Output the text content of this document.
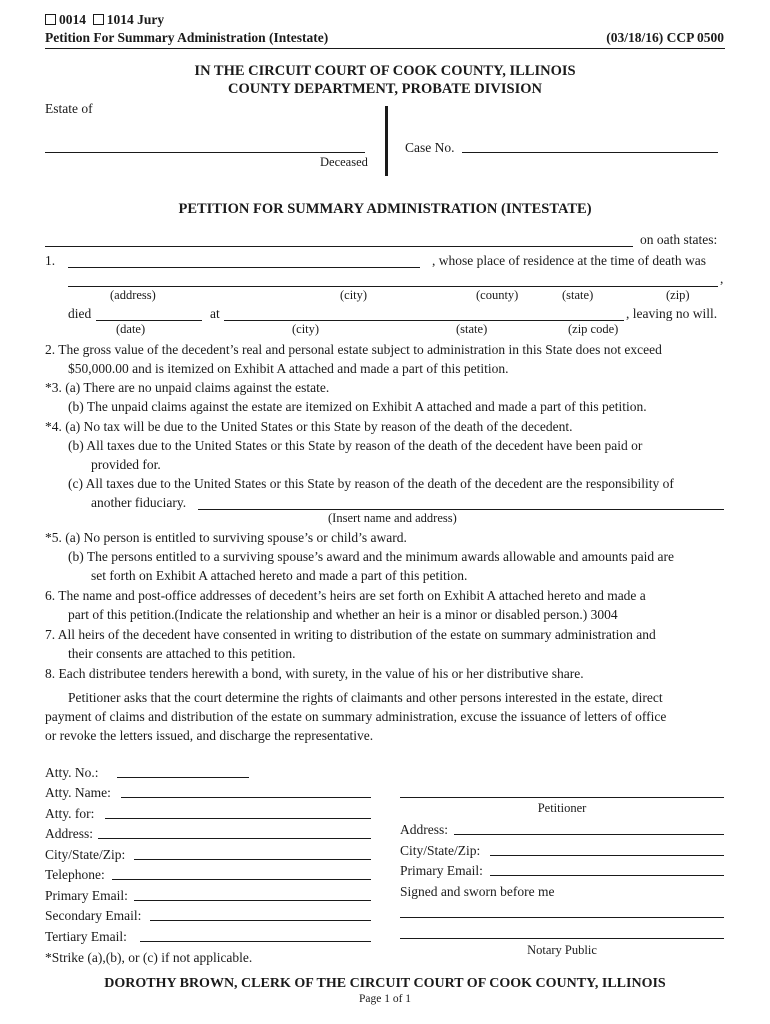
0014 1014 Jury
Petition For Summary Administration (Intestate)	(03/18/16) CCP 0500
IN THE CIRCUIT COURT OF COOK COUNTY, ILLINOIS
COUNTY DEPARTMENT, PROBATE DIVISION
Estate of
Deceased
Case No.
PETITION FOR SUMMARY ADMINISTRATION (INTESTATE)
on oath states:
1.	, whose place of residence at the time of death was
,
(address)	(city)	(county)	(state)	(zip)
died	at	, leaving no will.
(date)	(city)	(state)	(zip code)
2. The gross value of the decedent’s real and personal estate subject to administration in this State does not exceed
$50,000.00 and is itemized on Exhibit A attached and made a part of this petition.
*3. (a) There are no unpaid claims against the estate.
(b) The unpaid claims against the estate are itemized on Exhibit A attached and made a part of this petition.
*4. (a) No tax will be due to the United States or this State by reason of the death of the decedent.
(b) All taxes due to the United States or this State by reason of the death of the decedent have been paid or
provided for.
(c) All taxes due to the United States or this State by reason of the death of the decedent are the responsibility of
another fiduciary.
(Insert name and address)
*5. (a) No person is entitled to surviving spouse’s or child’s award.
(b) The persons entitled to a surviving spouse’s award and the minimum awards allowable and amounts paid are
set forth on Exhibit A attached hereto and made a part of this petition.
6. The name and post-office addresses of decedent’s heirs are set forth on Exhibit A attached hereto and made a
part of this petition.(Indicate the relationship and whether an heir is a minor or disabled person.) 3004
7. All heirs of the decedent have consented in writing to distribution of the estate on summary administration and
their consents are attached to this petition.
8. Each distributee tenders herewith a bond, with surety, in the value of his or her distributive share.
Petitioner asks that the court determine the rights of claimants and other persons interested in the estate, direct
payment of claims and distribution of the estate on summary administration, excuse the issuance of letters of office
or revoke the letters issued, and discharge the representative.
Atty. No.:
Atty. Name:
Atty. for:
Address:
City/State/Zip:
Telephone:
Primary Email:
Secondary Email:
Tertiary Email:
*Strike (a),(b), or (c) if not applicable.
Petitioner
Address:
City/State/Zip:
Primary Email:
Signed and sworn before me
Notary Public
DOROTHY BROWN, CLERK OF THE CIRCUIT COURT OF COOK COUNTY, ILLINOIS
Page 1 of 1
